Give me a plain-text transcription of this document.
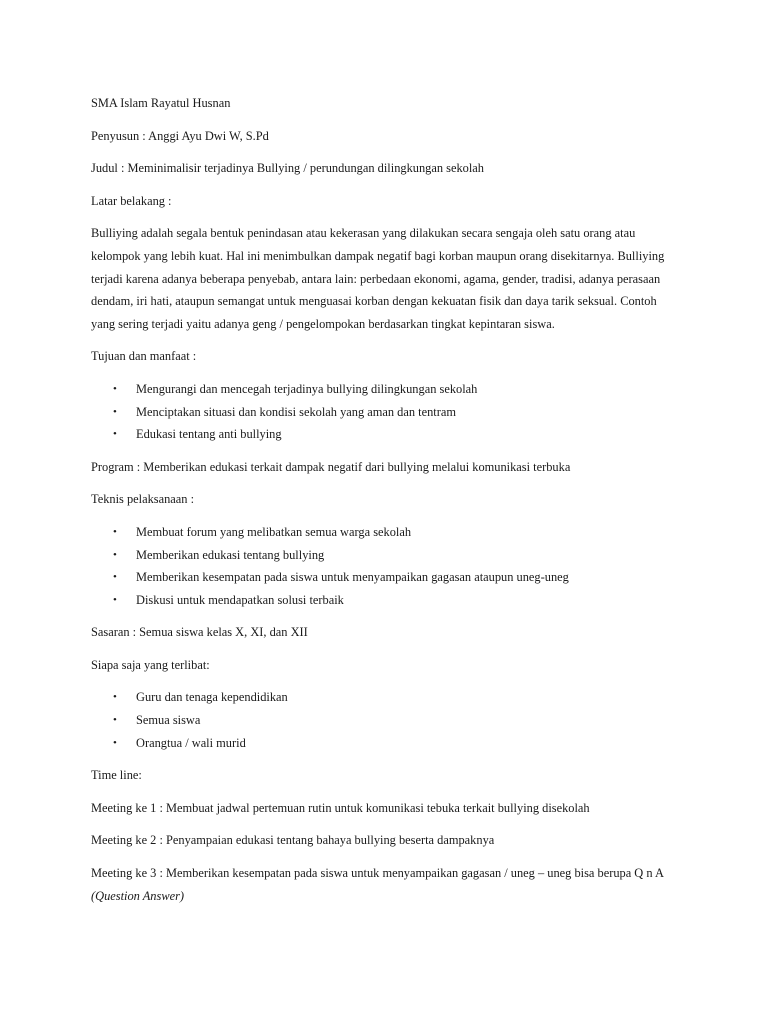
SMA Islam Rayatul Husnan

Penyusun : Anggi Ayu Dwi W, S.Pd

Judul : Meminimalisir terjadinya Bullying / perundungan dilingkungan sekolah

Latar belakang :

Bulliying adalah segala bentuk penindasan atau kekerasan yang dilakukan secara sengaja oleh satu orang atau

kelompok yang lebih kuat. Hal ini menimbulkan dampak negatif bagi korban maupun orang disekitarnya. Bulliying

terjadi karena adanya beberapa penyebab, antara lain: perbedaan ekonomi, agama, gender, tradisi, adanya perasaan

dendam, iri hati, ataupun semangat untuk menguasai korban dengan kekuatan fisik dan daya tarik seksual. Contoh

yang sering terjadi yaitu adanya geng / pengelompokan berdasarkan tingkat kepintaran siswa.

Tujuan dan manfaat :

•	Mengurangi dan mencegah terjadinya bullying dilingkungan sekolah
•	Menciptakan situasi dan kondisi sekolah yang aman dan tentram
•	Edukasi tentang anti bullying

Program : Memberikan edukasi terkait dampak negatif dari bullying melalui komunikasi terbuka

Teknis pelaksanaan :

•	Membuat forum yang melibatkan semua warga sekolah
•	Memberikan edukasi tentang bullying
•	Memberikan kesempatan pada siswa untuk menyampaikan gagasan ataupun uneg-uneg
•	Diskusi untuk mendapatkan solusi terbaik

Sasaran : Semua siswa kelas X, XI, dan XII

Siapa saja yang terlibat:

•	Guru dan tenaga kependidikan
•	Semua siswa
•	Orangtua / wali murid

Time line:

Meeting ke 1 : Membuat jadwal pertemuan rutin untuk komunikasi tebuka terkait bullying disekolah

Meeting ke 2 : Penyampaian edukasi tentang bahaya bullying beserta dampaknya

Meeting ke 3 : Memberikan kesempatan pada siswa untuk menyampaikan gagasan / uneg – uneg bisa berupa Q n A

(Question Answer)
